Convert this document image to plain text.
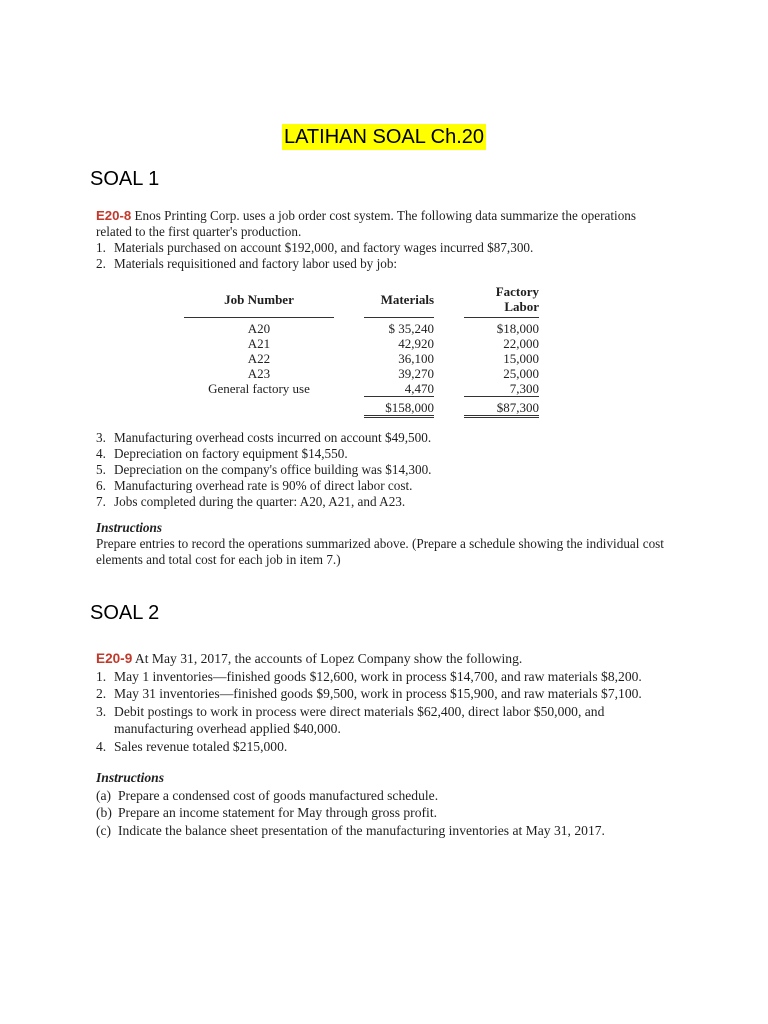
LATIHAN SOAL Ch.20
SOAL 1
E20-8 Enos Printing Corp. uses a job order cost system. The following data summarize the operations related to the first quarter's production.
1. Materials purchased on account $192,000, and factory wages incurred $87,300.
2. Materials requisitioned and factory labor used by job:
Job Number		Materials		Factory Labor
A20		$ 35,240		$18,000
A21		42,920		22,000
A22		36,100		15,000
A23		39,270		25,000
General factory use		4,470		7,300
		$158,000		$87,300
3. Manufacturing overhead costs incurred on account $49,500.
4. Depreciation on factory equipment $14,550.
5. Depreciation on the company's office building was $14,300.
6. Manufacturing overhead rate is 90% of direct labor cost.
7. Jobs completed during the quarter: A20, A21, and A23.
Instructions
Prepare entries to record the operations summarized above. (Prepare a schedule showing the individual cost elements and total cost for each job in item 7.)
SOAL 2
E20-9 At May 31, 2017, the accounts of Lopez Company show the following.
1. May 1 inventories—finished goods $12,600, work in process $14,700, and raw materials $8,200.
2. May 31 inventories—finished goods $9,500, work in process $15,900, and raw materials $7,100.
3. Debit postings to work in process were direct materials $62,400, direct labor $50,000, and manufacturing overhead applied $40,000.
4. Sales revenue totaled $215,000.
Instructions
(a) Prepare a condensed cost of goods manufactured schedule.
(b) Prepare an income statement for May through gross profit.
(c) Indicate the balance sheet presentation of the manufacturing inventories at May 31, 2017.
